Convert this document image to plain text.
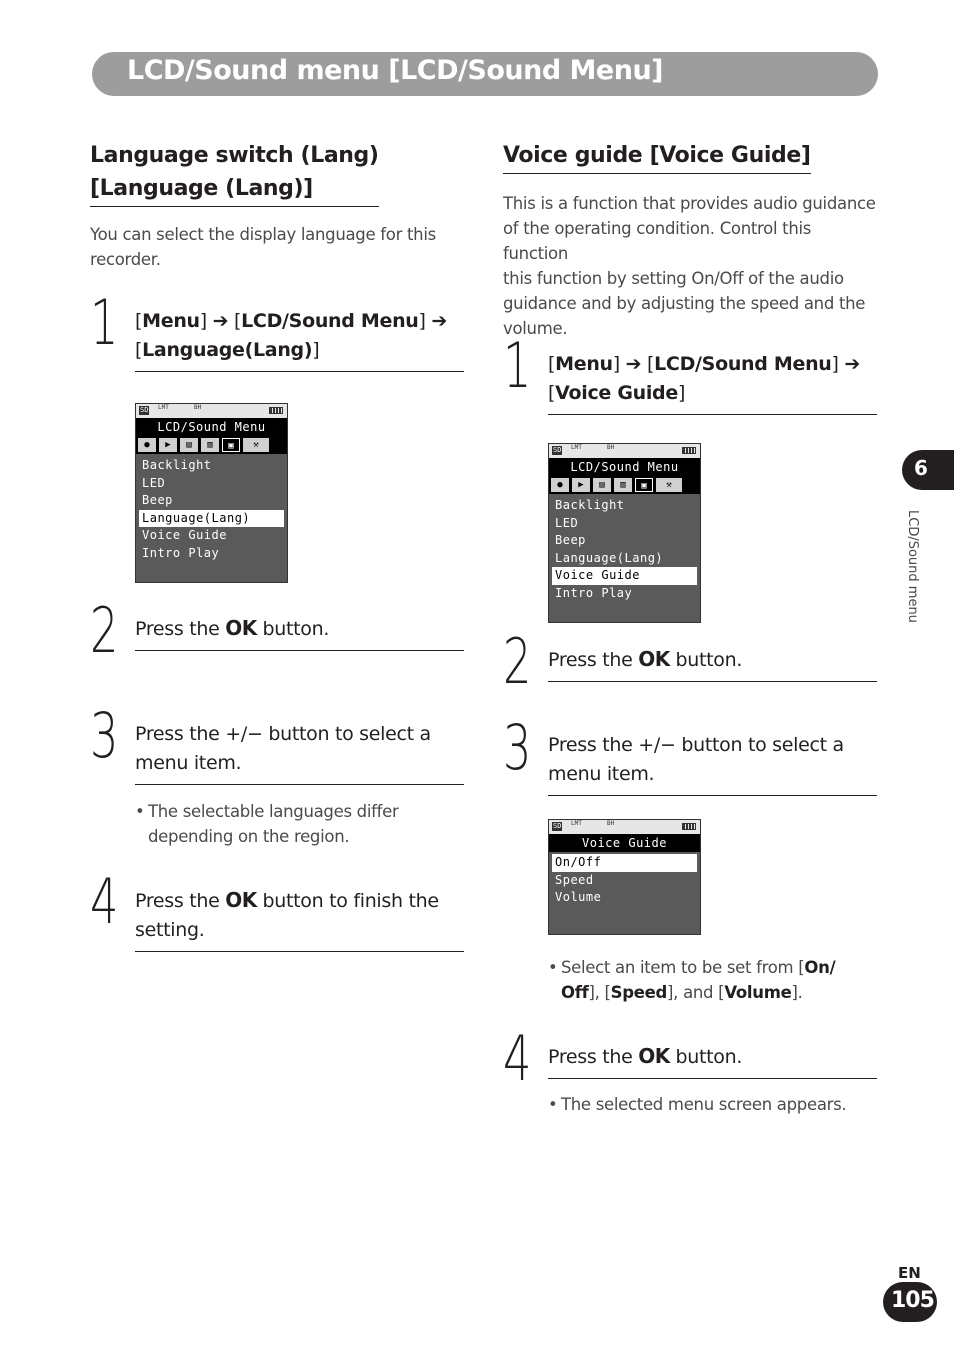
LCD/Sound menu [LCD/Sound Menu]
Language switch (Lang)
[Language (Lang)]
You can select the display language for this
recorder.
1 [Menu] ➔ [LCD/Sound Menu] ➔
[Language(Lang)]
SD LMT	BH
LCD/Sound Menu
●	▶	▤	▥	▣	⚒
Backlight
LED
Beep
Language(Lang)
Voice Guide
Intro Play
2 Press the OK button.
3 Press the +/− button to select a
menu item.
• The selectable languages differ
depending on the region.
4 Press the OK button to finish the
setting.
Voice guide [Voice Guide]
This is a function that provides audio guidance
of the operating condition. Control this function
this function by setting On/Off of the audio
guidance and by adjusting the speed and the
volume.
1 [Menu] ➔ [LCD/Sound Menu] ➔
[Voice Guide]
SD LMT	BH
LCD/Sound Menu
●	▶	▤	▥	▣	⚒
Backlight
LED
Beep
Language(Lang)
Voice Guide
Intro Play
2 Press the OK button.
3 Press the +/− button to select a
menu item.
SD LMT	BH
Voice Guide
On/Off
Speed
Volume
• Select an item to be set from [On/
Off], [Speed], and [Volume].
4 Press the OK button.
• The selected menu screen appears.
6
LCD/Sound menu
EN
105
